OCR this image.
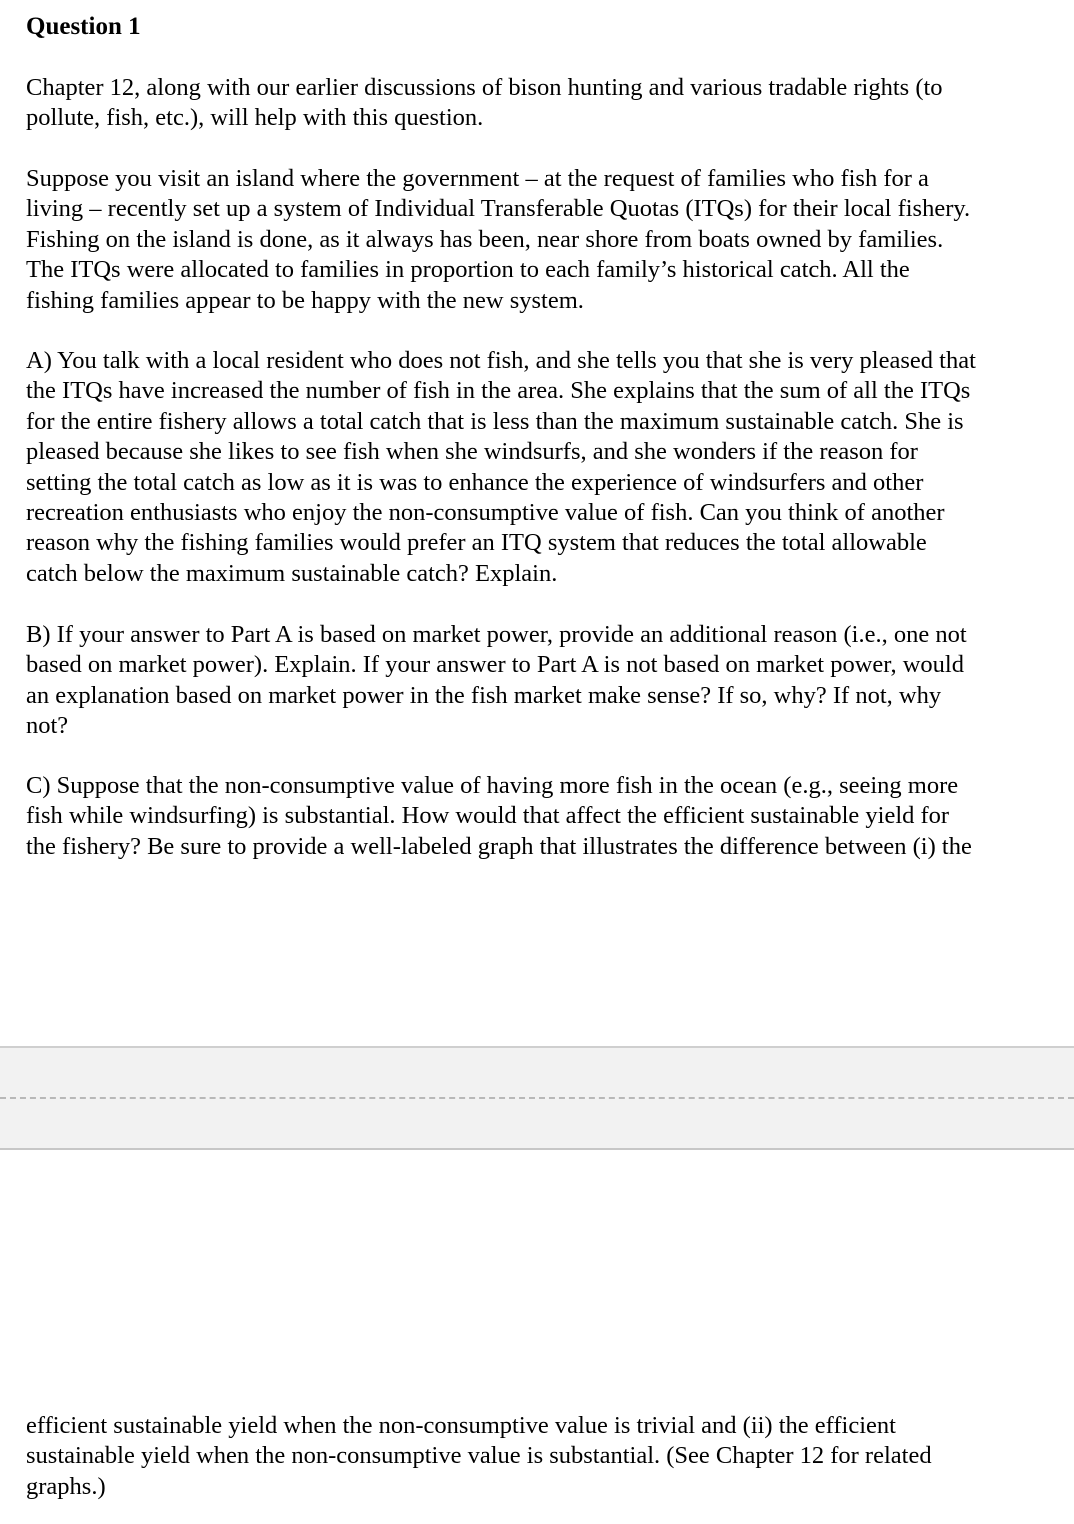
Question 1

Chapter 12, along with our earlier discussions of bison hunting and various tradable rights (to
pollute, fish, etc.), will help with this question.

Suppose you visit an island where the government – at the request of families who fish for a
living – recently set up a system of Individual Transferable Quotas (ITQs) for their local fishery.
Fishing on the island is done, as it always has been, near shore from boats owned by families.
The ITQs were allocated to families in proportion to each family’s historical catch. All the
fishing families appear to be happy with the new system.

A) You talk with a local resident who does not fish, and she tells you that she is very pleased that
the ITQs have increased the number of fish in the area. She explains that the sum of all the ITQs
for the entire fishery allows a total catch that is less than the maximum sustainable catch. She is
pleased because she likes to see fish when she windsurfs, and she wonders if the reason for
setting the total catch as low as it is was to enhance the experience of windsurfers and other
recreation enthusiasts who enjoy the non-consumptive value of fish. Can you think of another
reason why the fishing families would prefer an ITQ system that reduces the total allowable
catch below the maximum sustainable catch? Explain.

B) If your answer to Part A is based on market power, provide an additional reason (i.e., one not
based on market power). Explain. If your answer to Part A is not based on market power, would
an explanation based on market power in the fish market make sense? If so, why? If not, why
not?

C) Suppose that the non-consumptive value of having more fish in the ocean (e.g., seeing more
fish while windsurfing) is substantial. How would that affect the efficient sustainable yield for
the fishery? Be sure to provide a well-labeled graph that illustrates the difference between (i) the

efficient sustainable yield when the non-consumptive value is trivial and (ii) the efficient
sustainable yield when the non-consumptive value is substantial. (See Chapter 12 for related
graphs.)
